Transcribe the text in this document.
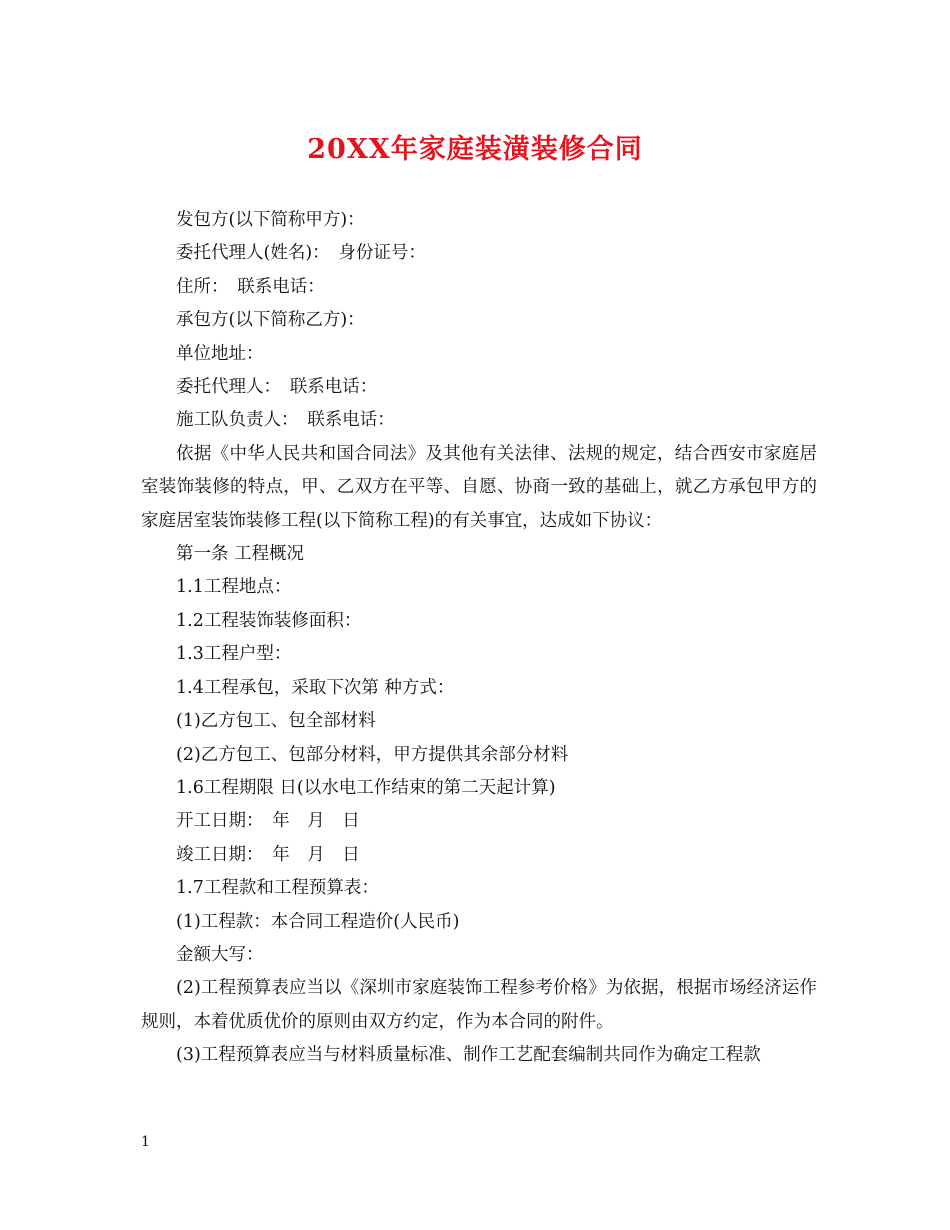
20XX年家庭装潢装修合同

发包方(以下简称甲方)：

委托代理人(姓名)：　身份证号：

住所：　联系电话：

承包方(以下简称乙方)：

单位地址：

委托代理人：　联系电话：

施工队负责人：　联系电话：

依据《中华人民共和国合同法》及其他有关法律、法规的规定，结合西安市家庭居室装饰装修的特点，甲、乙双方在平等、自愿、协商一致的基础上，就乙方承包甲方的家庭居室装饰装修工程(以下简称工程)的有关事宜，达成如下协议：

第一条 工程概况

1.1工程地点：

1.2工程装饰装修面积：

1.3工程户型：

1.4工程承包，采取下次第 种方式：

(1)乙方包工、包全部材料

(2)乙方包工、包部分材料，甲方提供其余部分材料

1.6工程期限 日(以水电工作结束的第二天起计算)

开工日期：　年　月　日

竣工日期：　年　月　日

1.7工程款和工程预算表：

(1)工程款：本合同工程造价(人民币)

金额大写：

(2)工程预算表应当以《深圳市家庭装饰工程参考价格》为依据，根据市场经济运作规则，本着优质优价的原则由双方约定，作为本合同的附件。

(3)工程预算表应当与材料质量标准、制作工艺配套编制共同作为确定工程款

1
